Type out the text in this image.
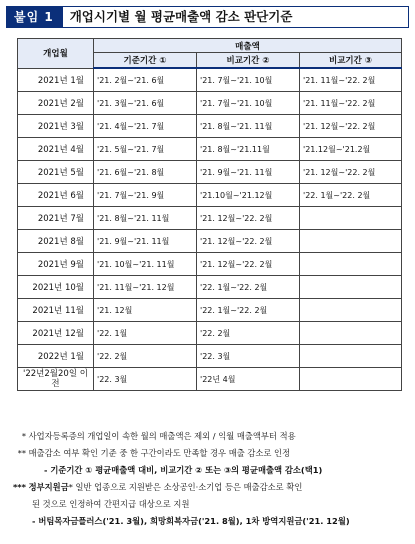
붙임 1	개업시기별 월 평균매출액 감소 판단기준
개업월	매출액		
	기준기간 ①	비교기간 ②	비교기간 ③
2021년 1월	'21. 2월~'21. 6월	'21. 7월~'21. 10월	'21. 11월~'22. 2월
2021년 2월	'21. 3월~'21. 6월	'21. 7월~'21. 10월	'21. 11월~'22. 2월
2021년 3월	'21. 4월~'21. 7월	'21. 8월~'21. 11월	'21. 12월~'22. 2월
2021년 4월	'21. 5월~'21. 7월	'21. 8월~'21.11월	'21.12월~'21.2월
2021년 5월	'21. 6월~'21. 8월	'21. 9월~'21. 11월	'21. 12월~'22. 2월
2021년 6월	'21. 7월~'21. 9월	'21.10월~'21.12월	'22. 1월~'22. 2월
2021년 7월	'21. 8월~'21. 11월	'21. 12월~'22. 2월	
2021년 8월	'21. 9월~'21. 11월	'21. 12월~'22. 2월	
2021년 9월	'21. 10월~'21. 11월	'21. 12월~'22. 2월	
2021년 10월	'21. 11월~'21. 12월	'22. 1월~'22. 2월	
2021년 11월	'21. 12월	'22. 1월~'22. 2월	
2021년 12월	'22. 1월	'22. 2월	
2022년 1월	'22. 2월	'22. 3월	
'22년2월20일 이전	'22. 3월	'22년 4월	
* 사업자등록증의 개업일이 속한 월의 매출액은 제외 / 익월 매출액부터 적용
** 매출감소 여부 확인 기준 중 한 구간이라도 만족할 경우 매출 감소로 인정
- 기준기간 ① 평균매출액 대비, 비교기간 ② 또는 ③의 평균매출액 감소(택1)
*** 정부지원금* 일반 업종으로 지원받은 소상공인·소기업 등은 매출감소로 확인
된 것으로 인정하여 간편지급 대상으로 지원
- 버팀목자금플러스('21. 3월), 희망회복자금('21. 8월), 1차 방역지원금('21. 12월)
